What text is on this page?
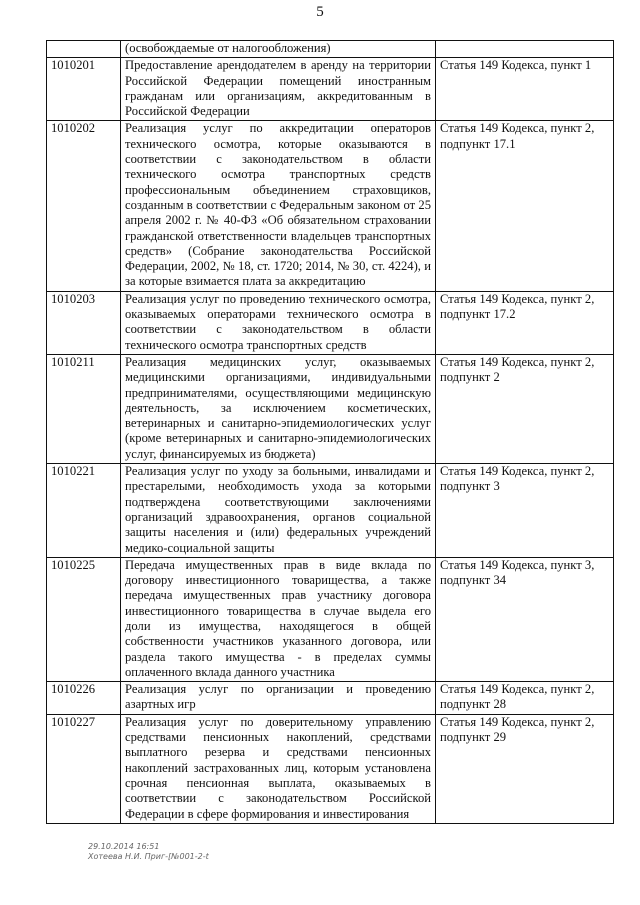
5
	(освобождаемые от налогообложения)	
1010201	Предоставление арендодателем в аренду на территории Российской Федерации помещений иностранным гражданам или организациям, аккредитованным в Российской Федерации	Статья 149 Кодекса, пункт 1
1010202	Реализация услуг по аккредитации операторов технического осмотра, которые оказываются в соответствии с законодательством в области технического осмотра транспортных средств профессиональным объединением страховщиков, созданным в соответствии с Федеральным законом от 25 апреля 2002 г. № 40-ФЗ «Об обязательном страховании гражданской ответственности владельцев транспортных средств» (Собрание законодательства Российской Федерации, 2002, № 18, ст. 1720; 2014, № 30, ст. 4224), и за которые взимается плата за аккредитацию	Статья 149 Кодекса, пункт 2, подпункт 17.1
1010203	Реализация услуг по проведению технического осмотра, оказываемых операторами технического осмотра в соответствии с законодательством в области технического осмотра транспортных средств	Статья 149 Кодекса, пункт 2, подпункт 17.2
1010211	Реализация медицинских услуг, оказываемых медицинскими организациями, индивидуальными предпринимателями, осуществляющими медицинскую деятельность, за исключением косметических, ветеринарных и санитарно-эпидемиологических услуг (кроме ветеринарных и санитарно-эпидемиологических услуг, финансируемых из бюджета)	Статья 149 Кодекса, пункт 2, подпункт 2
1010221	Реализация услуг по уходу за больными, инвалидами и престарелыми, необходимость ухода за которыми подтверждена соответствующими заключениями организаций здравоохранения, органов социальной защиты населения и (или) федеральных учреждений медико-социальной защиты	Статья 149 Кодекса, пункт 2, подпункт 3
1010225	Передача имущественных прав в виде вклада по договору инвестиционного товарищества, а также передача имущественных прав участнику договора инвестиционного товарищества в случае выдела его доли из имущества, находящегося в общей собственности участников указанного договора, или раздела такого имущества - в пределах суммы оплаченного вклада данного участника	Статья 149 Кодекса, пункт 3, подпункт 34
1010226	Реализация услуг по организации и проведению азартных игр	Статья 149 Кодекса, пункт 2, подпункт 28
1010227	Реализация услуг по доверительному управлению средствами пенсионных накоплений, средствами выплатного резерва и средствами пенсионных накоплений застрахованных лиц, которым установлена срочная пенсионная выплата, оказываемых в соответствии с законодательством Российской Федерации в сфере формирования и инвестирования	Статья 149 Кодекса, пункт 2, подпункт 29
29.10.2014 16:51
Хотеева Н.И. Приг-[№001-2-t
